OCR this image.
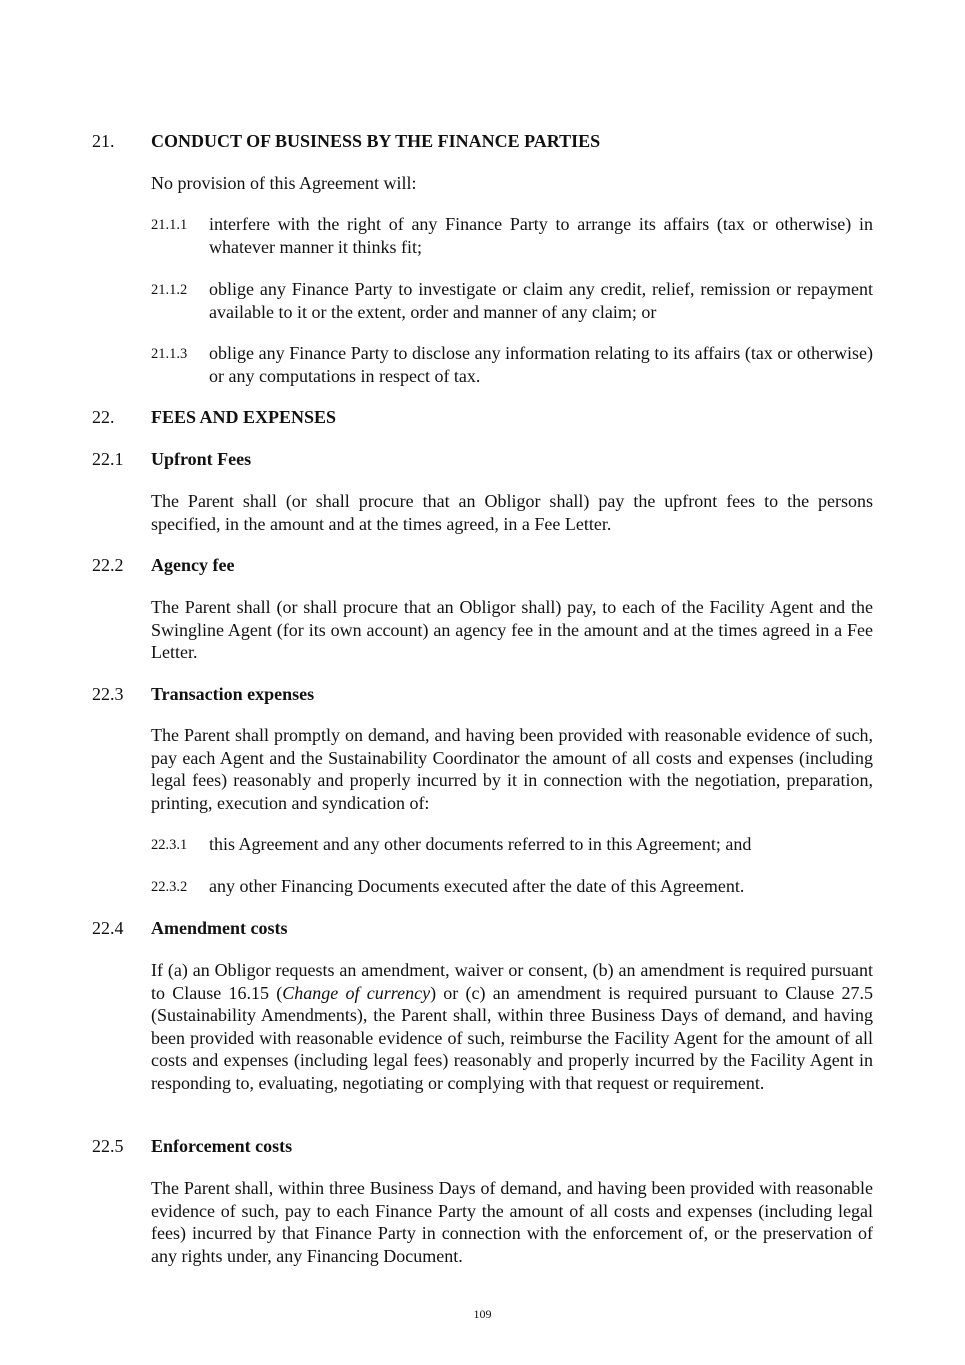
21. CONDUCT OF BUSINESS BY THE FINANCE PARTIES
No provision of this Agreement will:
21.1.1 interfere with the right of any Finance Party to arrange its affairs (tax or otherwise) in whatever manner it thinks fit;
21.1.2 oblige any Finance Party to investigate or claim any credit, relief, remission or repayment available to it or the extent, order and manner of any claim; or
21.1.3 oblige any Finance Party to disclose any information relating to its affairs (tax or otherwise) or any computations in respect of tax.
22. FEES AND EXPENSES
22.1 Upfront Fees
The Parent shall (or shall procure that an Obligor shall) pay the upfront fees to the persons specified, in the amount and at the times agreed, in a Fee Letter.
22.2 Agency fee
The Parent shall (or shall procure that an Obligor shall) pay, to each of the Facility Agent and the Swingline Agent (for its own account) an agency fee in the amount and at the times agreed in a Fee Letter.
22.3 Transaction expenses
The Parent shall promptly on demand, and having been provided with reasonable evidence of such, pay each Agent and the Sustainability Coordinator the amount of all costs and expenses (including legal fees) reasonably and properly incurred by it in connection with the negotiation, preparation, printing, execution and syndication of:
22.3.1 this Agreement and any other documents referred to in this Agreement; and
22.3.2 any other Financing Documents executed after the date of this Agreement.
22.4 Amendment costs
If (a) an Obligor requests an amendment, waiver or consent, (b) an amendment is required pursuant to Clause 16.15 (Change of currency) or (c) an amendment is required pursuant to Clause 27.5 (Sustainability Amendments), the Parent shall, within three Business Days of demand, and having been provided with reasonable evidence of such, reimburse the Facility Agent for the amount of all costs and expenses (including legal fees) reasonably and properly incurred by the Facility Agent in responding to, evaluating, negotiating or complying with that request or requirement.
22.5 Enforcement costs
The Parent shall, within three Business Days of demand, and having been provided with reasonable evidence of such, pay to each Finance Party the amount of all costs and expenses (including legal fees) incurred by that Finance Party in connection with the enforcement of, or the preservation of any rights under, any Financing Document.
109
